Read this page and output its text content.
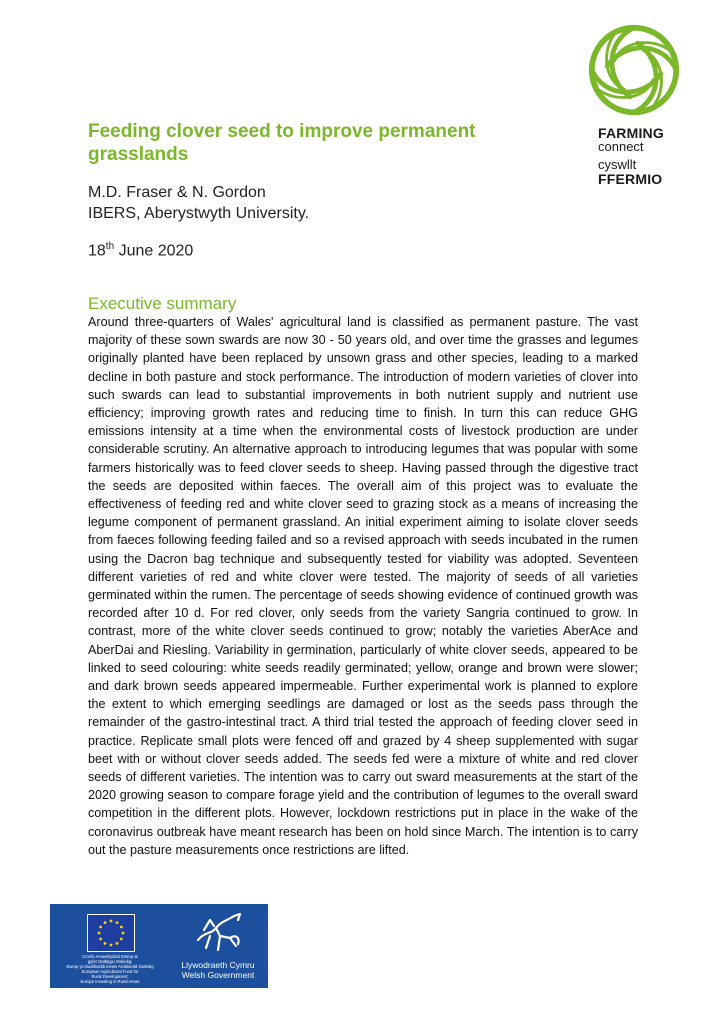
FARMING
connect
cyswllt
FFERMIO
Feeding clover seed to improve permanent grasslands
M.D. Fraser & N. Gordon
IBERS, Aberystwyth University.
18th June 2020
Executive summary

Around three-quarters of Wales' agricultural land is classified as permanent pasture. The vast majority of these sown swards are now 30 - 50 years old, and over time the grasses and legumes originally planted have been replaced by unsown grass and other species, leading to a marked decline in both pasture and stock performance. The introduction of modern varieties of clover into such swards can lead to substantial improvements in both nutrient supply and nutrient use efficiency; improving growth rates and reducing time to finish. In turn this can reduce GHG emissions intensity at a time when the environmental costs of livestock production are under considerable scrutiny. An alternative approach to introducing legumes that was popular with some farmers historically was to feed clover seeds to sheep. Having passed through the digestive tract the seeds are deposited within faeces. The overall aim of this project was to evaluate the effectiveness of feeding red and white clover seed to grazing stock as a means of increasing the legume component of permanent grassland. An initial experiment aiming to isolate clover seeds from faeces following feeding failed and so a revised approach with seeds incubated in the rumen using the Dacron bag technique and subsequently tested for viability was adopted. Seventeen different varieties of red and white clover were tested. The majority of seeds of all varieties germinated within the rumen. The percentage of seeds showing evidence of continued growth was recorded after 10 d. For red clover, only seeds from the variety Sangria continued to grow. In contrast, more of the white clover seeds continued to grow; notably the varieties AberAce and AberDai and Riesling. Variability in germination, particularly of white clover seeds, appeared to be linked to seed colouring: white seeds readily germinated; yellow, orange and brown were slower; and dark brown seeds appeared impermeable. Further experimental work is planned to explore the extent to which emerging seedlings are damaged or lost as the seeds pass through the remainder of the gastro-intestinal tract. A third trial tested the approach of feeding clover seed in practice. Replicate small plots were fenced off and grazed by 4 sheep supplemented with sugar beet with or without clover seeds added. The seeds fed were a mixture of white and red clover seeds of different varieties. The intention was to carry out sward measurements at the start of the 2020 growing season to compare forage yield and the contribution of legumes to the overall sward competition in the different plots. However, lockdown restrictions put in place in the wake of the coronavirus outbreak have meant research has been on hold since March. The intention is to carry out the pasture measurements once restrictions are lifted.

Cronfa Amaethyddol Ewrop ar
gyfer Datblygu Gwledig:
Ewrop yn Buddsoddi mewn Ardaloedd Gwledig
European Agricultural Fund for
Rural Development:
Europe Investing in Rural Areas
Llywodraeth Cymru
Welsh Government
